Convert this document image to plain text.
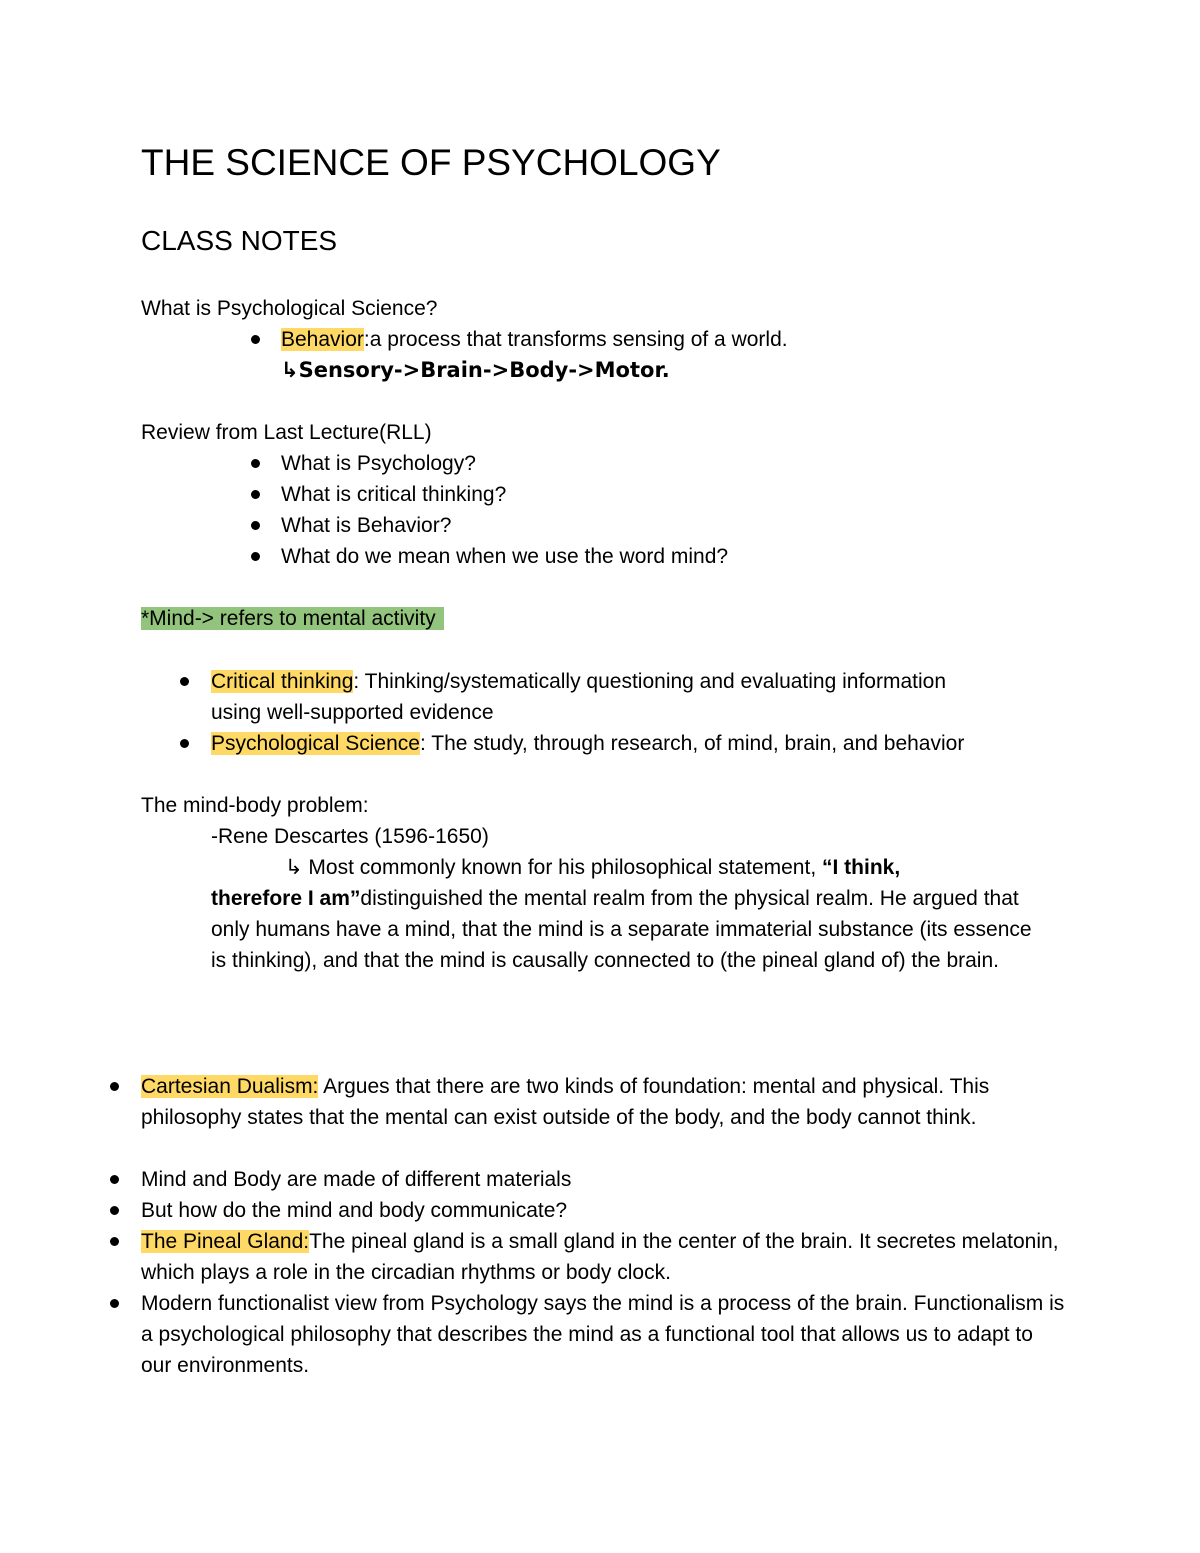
THE SCIENCE OF PSYCHOLOGY
CLASS NOTES
What is Psychological Science?
Behavior:a process that transforms sensing of a world.
↳Sensory->Brain->Body->Motor.
Review from Last Lecture(RLL)
What is Psychology?
What is critical thinking?
What is Behavior?
What do we mean when we use the word mind?
*Mind-> refers to mental activity
Critical thinking: Thinking/systematically questioning and evaluating information
using well-supported evidence
Psychological Science: The study, through research, of mind, brain, and behavior
The mind-body problem:
-Rene Descartes (1596-1650)

↳ Most commonly known for his philosophical statement, “I think,
therefore I am”distinguished the mental realm from the physical realm. He argued that only humans have a mind, that the mind is a separate immaterial substance (its essence is thinking), and that the mind is causally connected to (the pineal gland of) the brain.

Cartesian Dualism: Argues that there are two kinds of foundation: mental and physical. This philosophy states that the mental can exist outside of the body, and the body cannot think.

Mind and Body are made of different materials
But how do the mind and body communicate?

The Pineal Gland:The pineal gland is a small gland in the center of the brain. It secretes melatonin, which plays a role in the circadian rhythms or body clock.

Modern functionalist view from Psychology says the mind is a process of the brain. Functionalism is a psychological philosophy that describes the mind as a functional tool that allows us to adapt to our environments.
